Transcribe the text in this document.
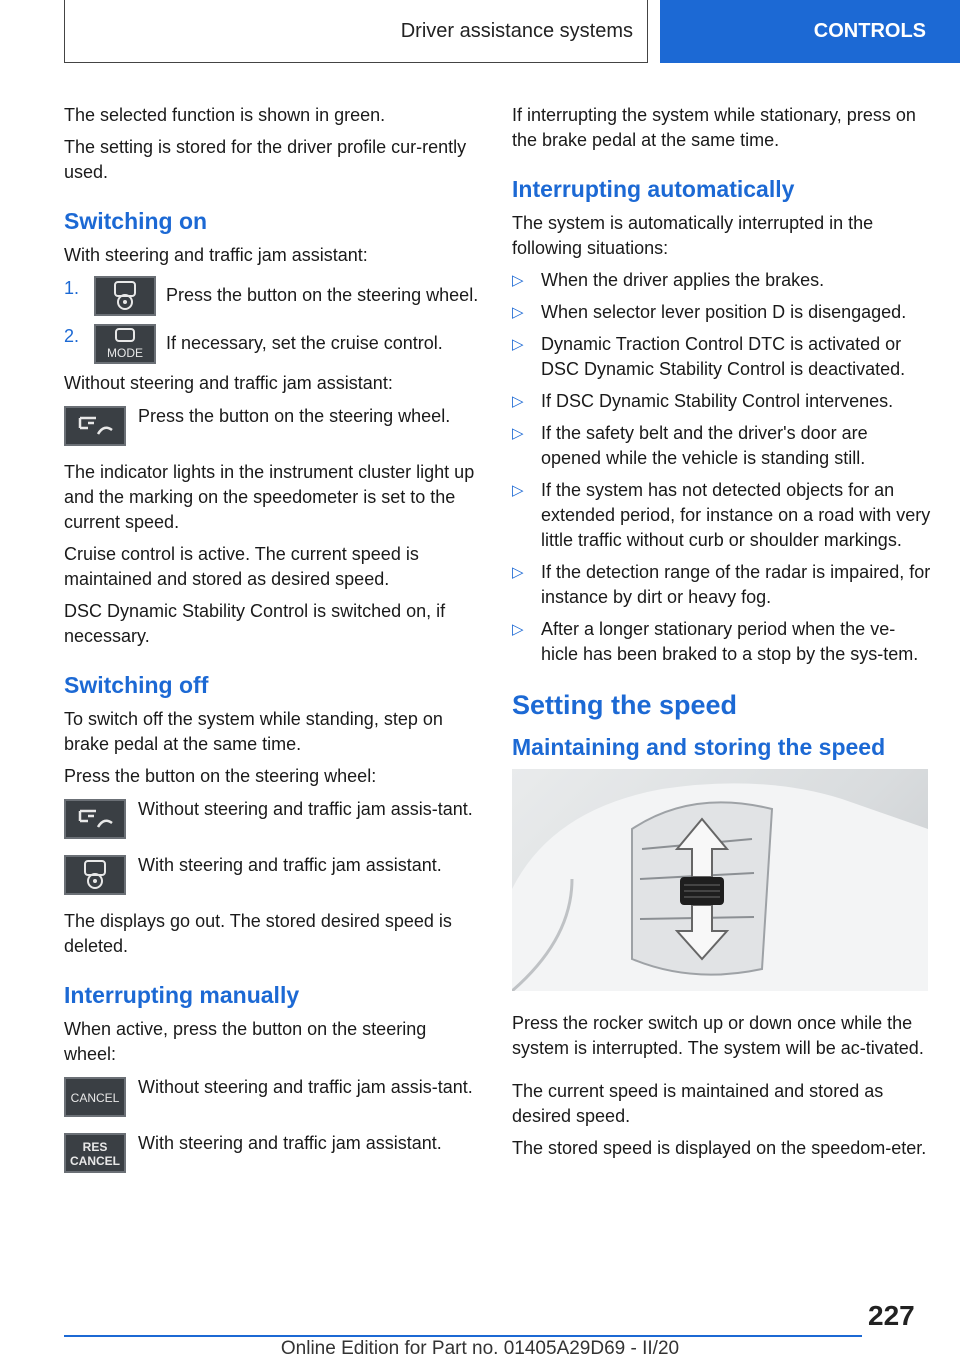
Driver assistance systems	CONTROLS

The selected function is shown in green.

The setting is stored for the driver profile cur-rently used.

Switching on

With steering and traffic jam assistant:

1.	Press the button on the steering wheel.
2.
MODE
If necessary, set the cruise control.

Without steering and traffic jam assistant:

Press the button on the steering wheel.

The indicator lights in the instrument cluster light up and the marking on the speedometer is set to the current speed.

Cruise control is active. The current speed is maintained and stored as desired speed.

DSC Dynamic Stability Control is switched on, if necessary.

Switching off

To switch off the system while standing, step on brake pedal at the same time.

Press the button on the steering wheel:

Without steering and traffic jam assis-tant.
With steering and traffic jam assistant.

The displays go out. The stored desired speed is deleted.

Interrupting manually

When active, press the button on the steering wheel:

CANCEL
Without steering and traffic jam assis-tant.
RES
CANCEL
With steering and traffic jam assistant.

If interrupting the system while stationary, press on the brake pedal at the same time.

Interrupting automatically

The system is automatically interrupted in the following situations:

▷ When the driver applies the brakes.
▷ When selector lever position D is disengaged.
▷ Dynamic Traction Control DTC is activated or DSC Dynamic Stability Control is deactivated.
▷ If DSC Dynamic Stability Control intervenes.
▷ If the safety belt and the driver's door are opened while the vehicle is standing still.
▷ If the system has not detected objects for an extended period, for instance on a road with very little traffic without curb or shoulder markings.
▷ If the detection range of the radar is impaired, for instance by dirt or heavy fog.
▷ After a longer stationary period when the ve-hicle has been braked to a stop by the sys-tem.
Setting the speed
Maintaining and storing the speed

Press the rocker switch up or down once while the system is interrupted. The system will be ac-tivated.

The current speed is maintained and stored as desired speed.

The stored speed is displayed on the speedom-eter.

227
Online Edition for Part no. 01405A29D69 - II/20
